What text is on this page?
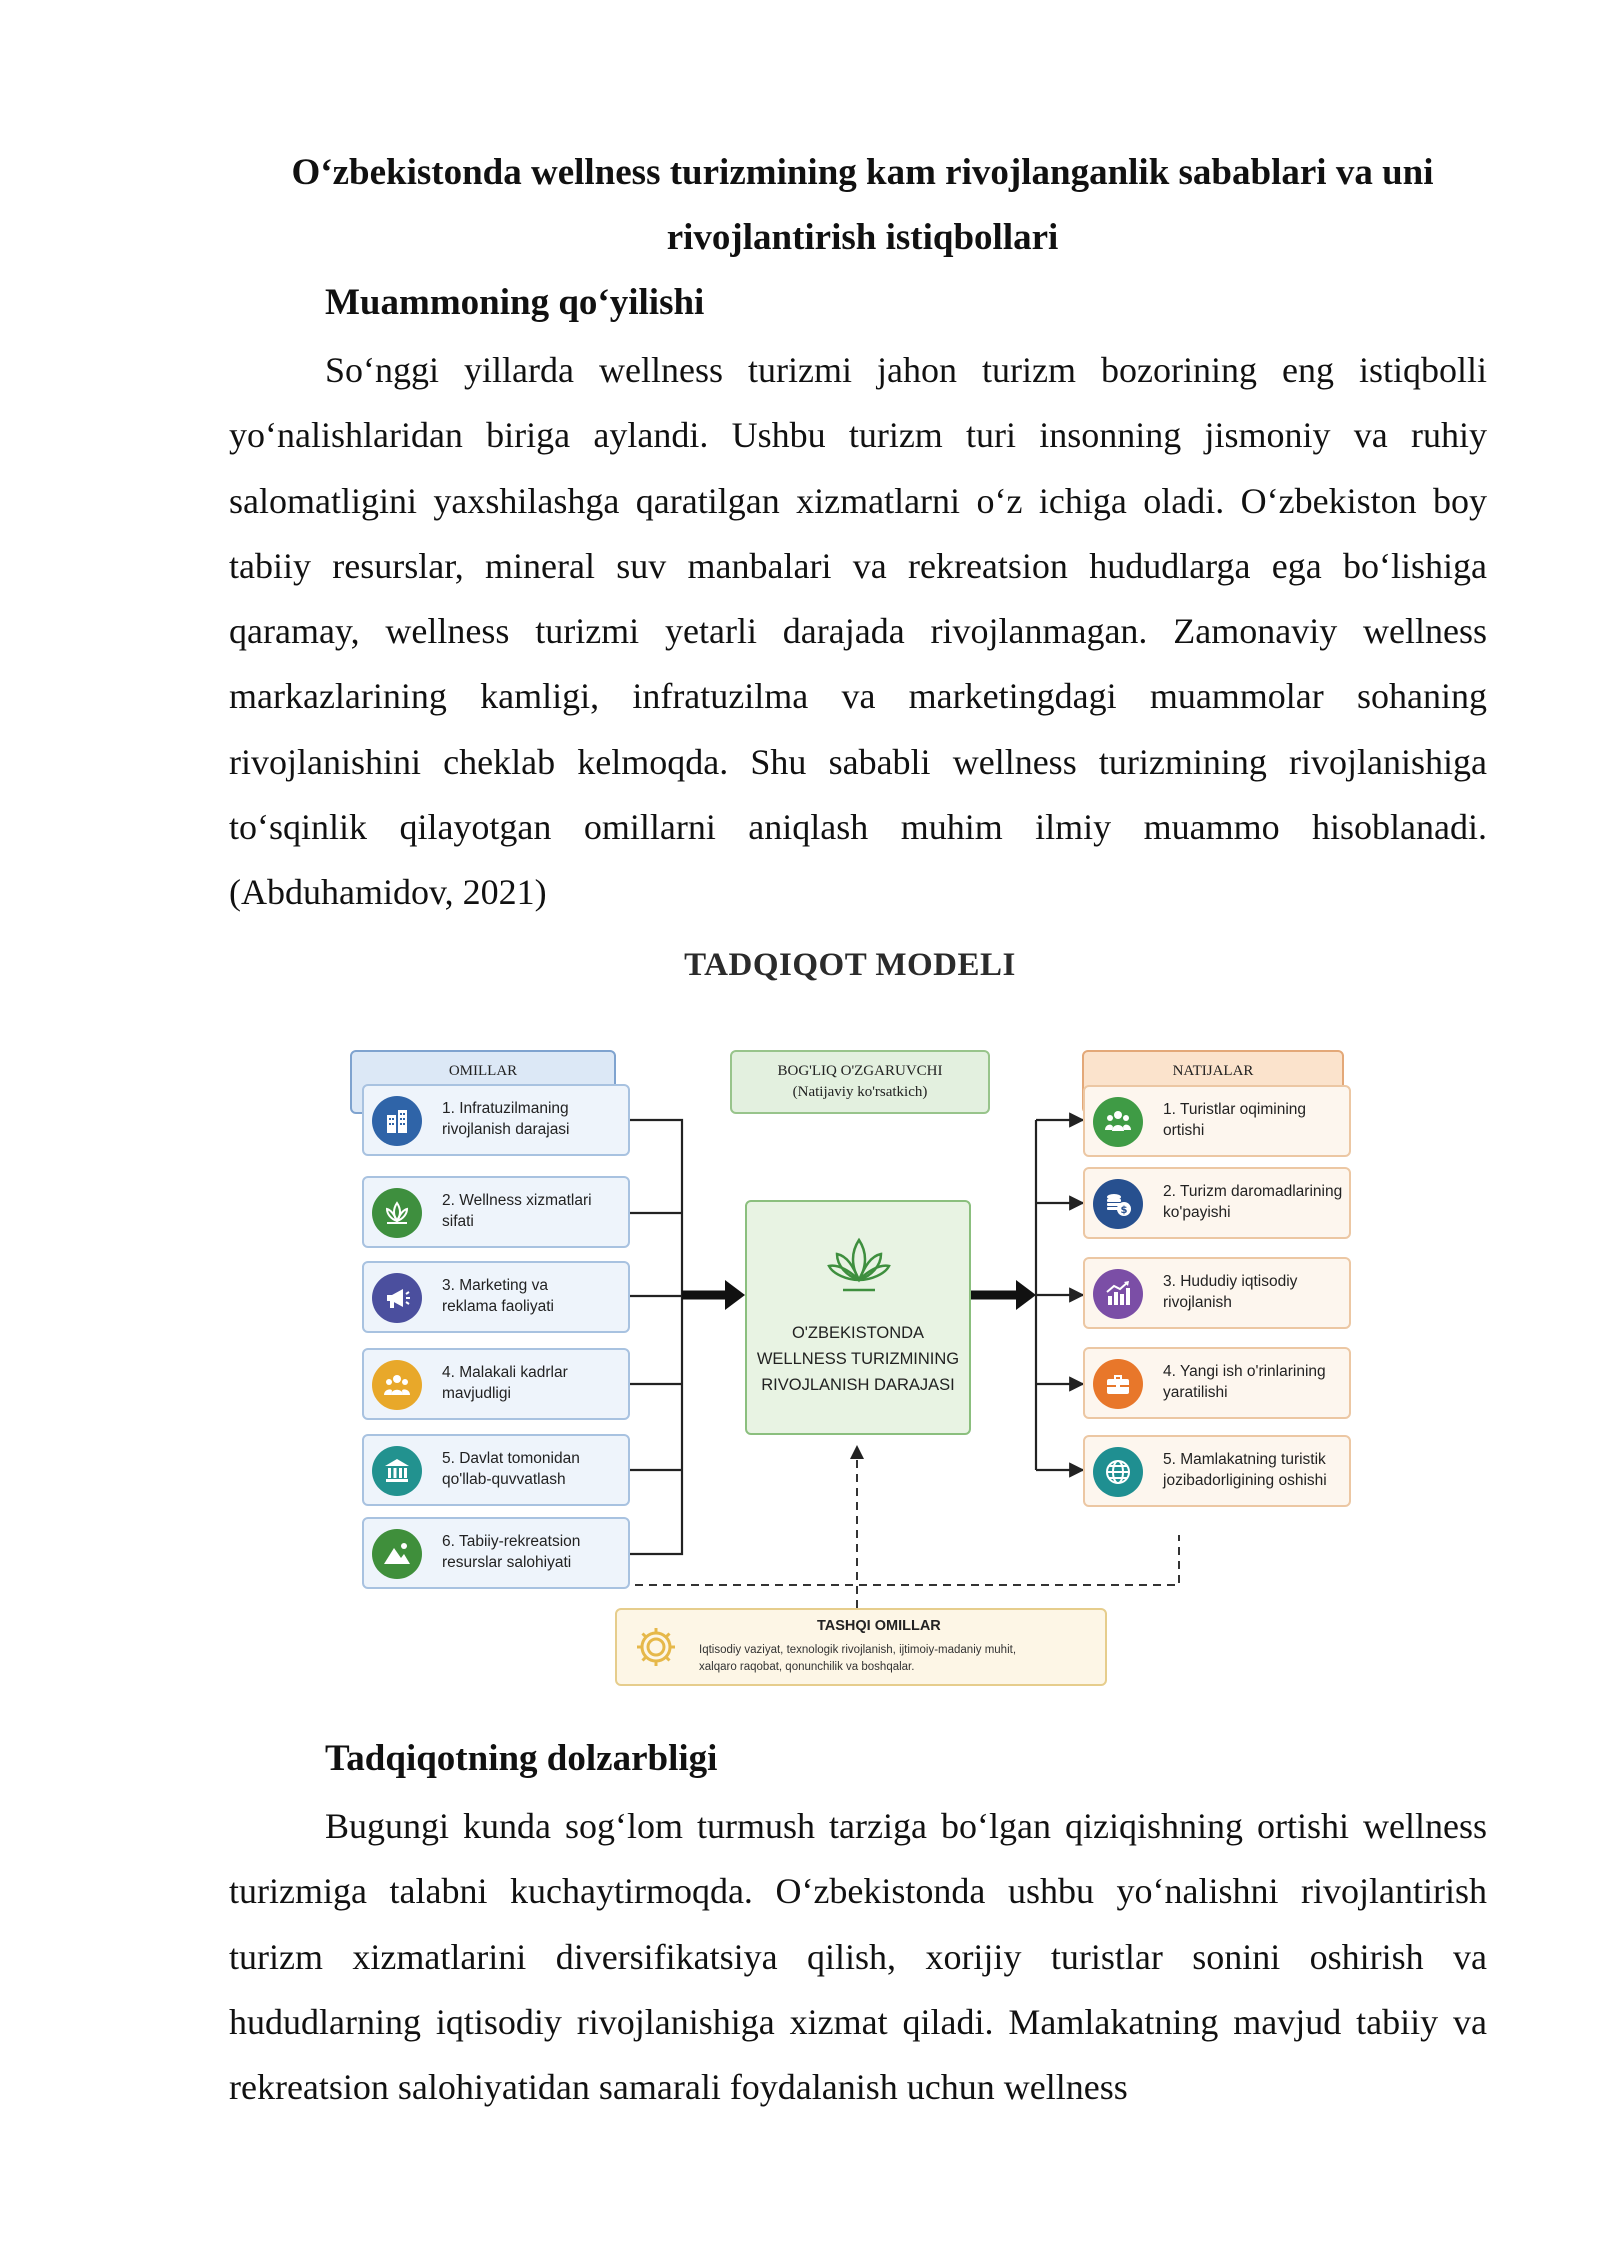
O‘zbekistonda wellness turizmining kam rivojlanganlik sabablari va uni rivojlantirish istiqbollari
Muammoning qo‘yilishi

So‘nggi yillarda wellness turizmi jahon turizm bozorining eng istiqbolli yo‘nalishlaridan biriga aylandi. Ushbu turizm turi insonning jismoniy va ruhiy salomatligini yaxshilashga qaratilgan xizmatlarni o‘z ichiga oladi. O‘zbekiston boy tabiiy resurslar, mineral suv manbalari va rekreatsion hududlarga ega bo‘lishiga qaramay, wellness turizmi yetarli darajada rivojlanmagan. Zamonaviy wellness markazlarining kamligi, infratuzilma va marketingdagi muammolar sohaning rivojlanishini cheklab kelmoqda. Shu sababli wellness turizmining rivojlanishiga to‘sqinlik qilayotgan omillarni aniqlash muhim ilmiy muammo hisoblanadi. (Abduhamidov, 2021)

TADQIQOT MODELI
OMILLAR	BOG'LIQ O'ZGARUVCHI
(Natijaviy ko'rsatkich)
NATIJALAR
1. Infratuzilmaning
rivojlanish darajasi
2. Wellness xizmatlari
sifati
3. Marketing va
reklama faoliyati
4. Malakali kadrlar
mavjudligi
5. Davlat tomonidan
qo'llab-quvvatlash
6. Tabiiy-rekreatsion
resurslar salohiyati
O'ZBEKISTONDA
WELLNESS TURIZMINING
RIVOJLANISH DARAJASI
1. Turistlar oqimining
ortishi
$
2. Turizm daromadlarining
ko'payishi
3. Hududiy iqtisodiy
rivojlanish
4. Yangi ish o'rinlarining
yaratilishi
5. Mamlakatning turistik
jozibadorligining oshishi
TASHQI OMILLAR
Iqtisodiy vaziyat, texnologik rivojlanish, ijtimoiy-madaniy muhit,
xalqaro raqobat, qonunchilik va boshqalar.
Tadqiqotning dolzarbligi

Bugungi kunda sog‘lom turmush tarziga bo‘lgan qiziqishning ortishi wellness turizmiga talabni kuchaytirmoqda. O‘zbekistonda ushbu yo‘nalishni rivojlantirish turizm xizmatlarini diversifikatsiya qilish, xorijiy turistlar sonini oshirish va hududlarning iqtisodiy rivojlanishiga xizmat qiladi. Mamlakatning mavjud tabiiy va rekreatsion salohiyatidan samarali foydalanish uchun wellness
